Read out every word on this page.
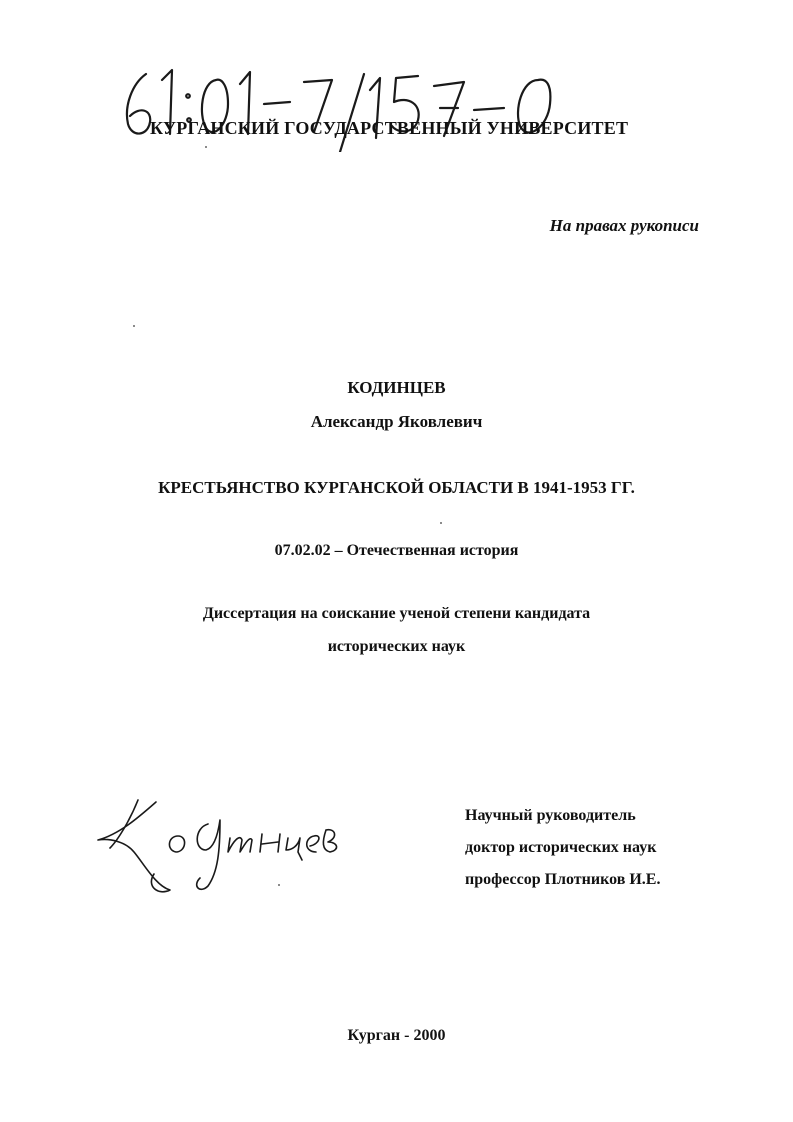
КУРГАНСКИЙ ГОСУДАРСТВЕННЫЙ УНИВЕРСИТЕТ
На правах рукописи
КОДИНЦЕВ
Александр Яковлевич
КРЕСТЬЯНСТВО КУРГАНСКОЙ ОБЛАСТИ В 1941-1953 ГГ.
07.02.02 – Отечественная история
Диссертация на соискание ученой степени кандидата
исторических наук
Научный руководитель
доктор исторических наук
профессор Плотников И.Е.
Курган - 2000
